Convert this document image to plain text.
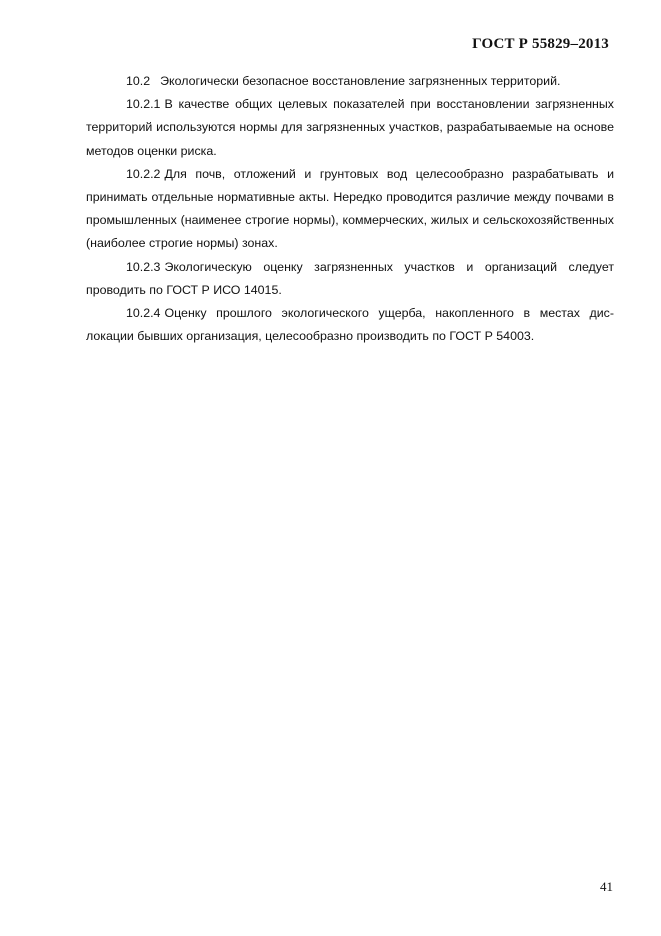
ГОСТ Р 55829–2013

10.2 Экологически безопасное восстановление загрязненных территорий.

10.2.1 В качестве общих целевых показателей при восстановлении загрязненных территорий используются нормы для загрязненных участков, разрабатываемые на основе методов оценки риска.

10.2.2 Для почв, отложений и грунтовых вод целесообразно разрабатывать и принимать отдельные нормативные акты. Нередко проводится различие между почвами в промышленных (наименее строгие нормы), коммерческих, жилых и сельскохозяйственных (наиболее строгие нормы) зонах.

10.2.3 Экологическую оценку загрязненных участков и организаций следует проводить по ГОСТ Р ИСО 14015.

10.2.4 Оценку прошлого экологического ущерба, накопленного в местах дислокации бывших организация, целесообразно производить по ГОСТ Р 54003.

41
